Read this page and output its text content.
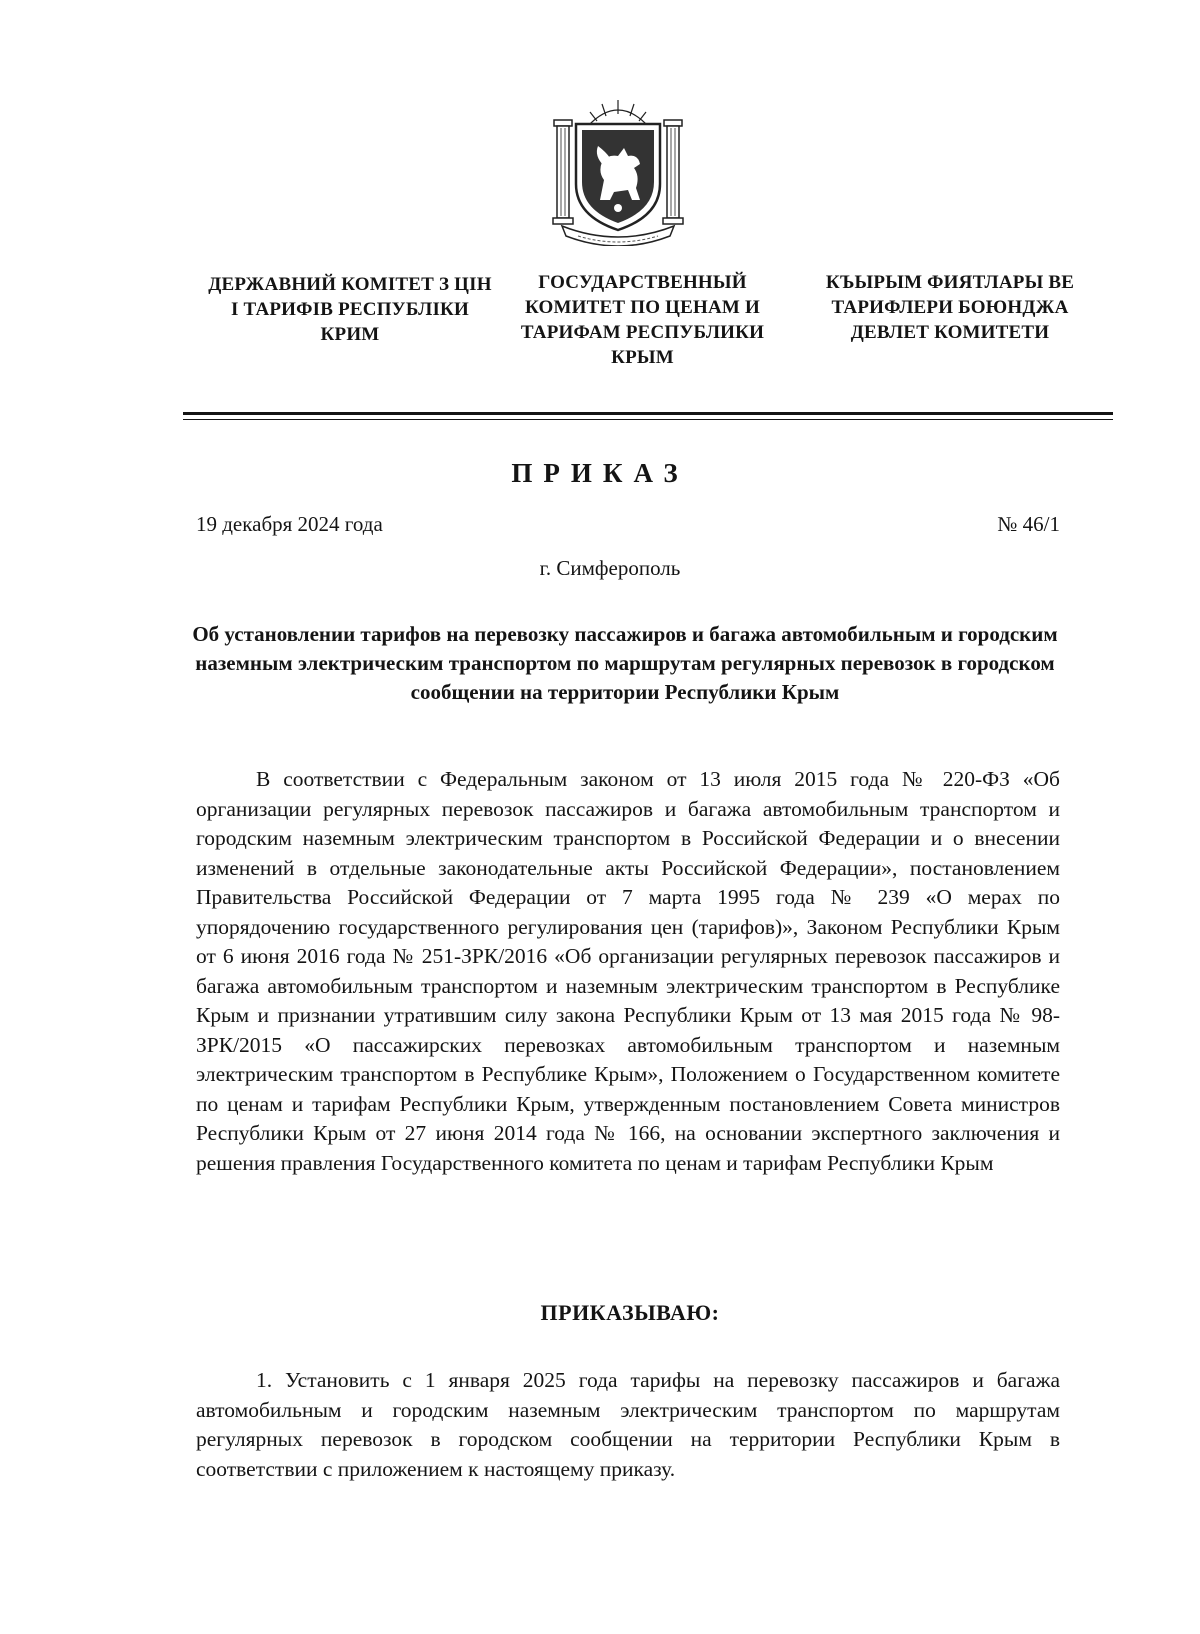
ДЕРЖАВНИЙ КОМІТЕТ З ЦІН І ТАРИФІВ РЕСПУБЛІКИ КРИМ
ГОСУДАРСТВЕННЫЙ КОМИТЕТ ПО ЦЕНАМ И ТАРИФАМ РЕСПУБЛИКИ КРЫМ
КЪЫРЫМ ФИЯТЛАРЫ ВЕ ТАРИФЛЕРИ БОЮНДЖА ДЕВЛЕТ КОМИТЕТИ
ПРИКАЗ
19 декабря 2024 года	№ 46/1
г. Симферополь
Об установлении тарифов на перевозку пассажиров и багажа автомобильным и городским наземным электрическим транспортом по маршрутам регулярных перевозок в городском сообщении на территории Республики Крым

В соответствии с Федеральным законом от 13 июля 2015 года № 220-ФЗ «Об организации регулярных перевозок пассажиров и багажа автомобильным транспортом и городским наземным электрическим транспортом в Российской Федерации и о внесении изменений в отдельные законодательные акты Российской Федерации», постановлением Правительства Российской Федерации от 7 марта 1995 года № 239 «О мерах по упорядочению государственного регулирования цен (тарифов)», Законом Республики Крым от 6 июня 2016 года № 251-ЗРК/2016 «Об организации регулярных перевозок пассажиров и багажа автомобильным транспортом и наземным электрическим транспортом в Республике Крым и признании утратившим силу закона Республики Крым от 13 мая 2015 года № 98-ЗРК/2015 «О пассажирских перевозках автомобильным транспортом и наземным электрическим транспортом в Республике Крым», Положением о Государственном комитете по ценам и тарифам Республики Крым, утвержденным постановлением Совета министров Республики Крым от 27 июня 2014 года № 166, на основании экспертного заключения и решения правления Государственного комитета по ценам и тарифам Республики Крым

ПРИКАЗЫВАЮ:

1. Установить с 1 января 2025 года тарифы на перевозку пассажиров и багажа автомобильным и городским наземным электрическим транспортом по маршрутам регулярных перевозок в городском сообщении на территории Республики Крым в соответствии с приложением к настоящему приказу.
